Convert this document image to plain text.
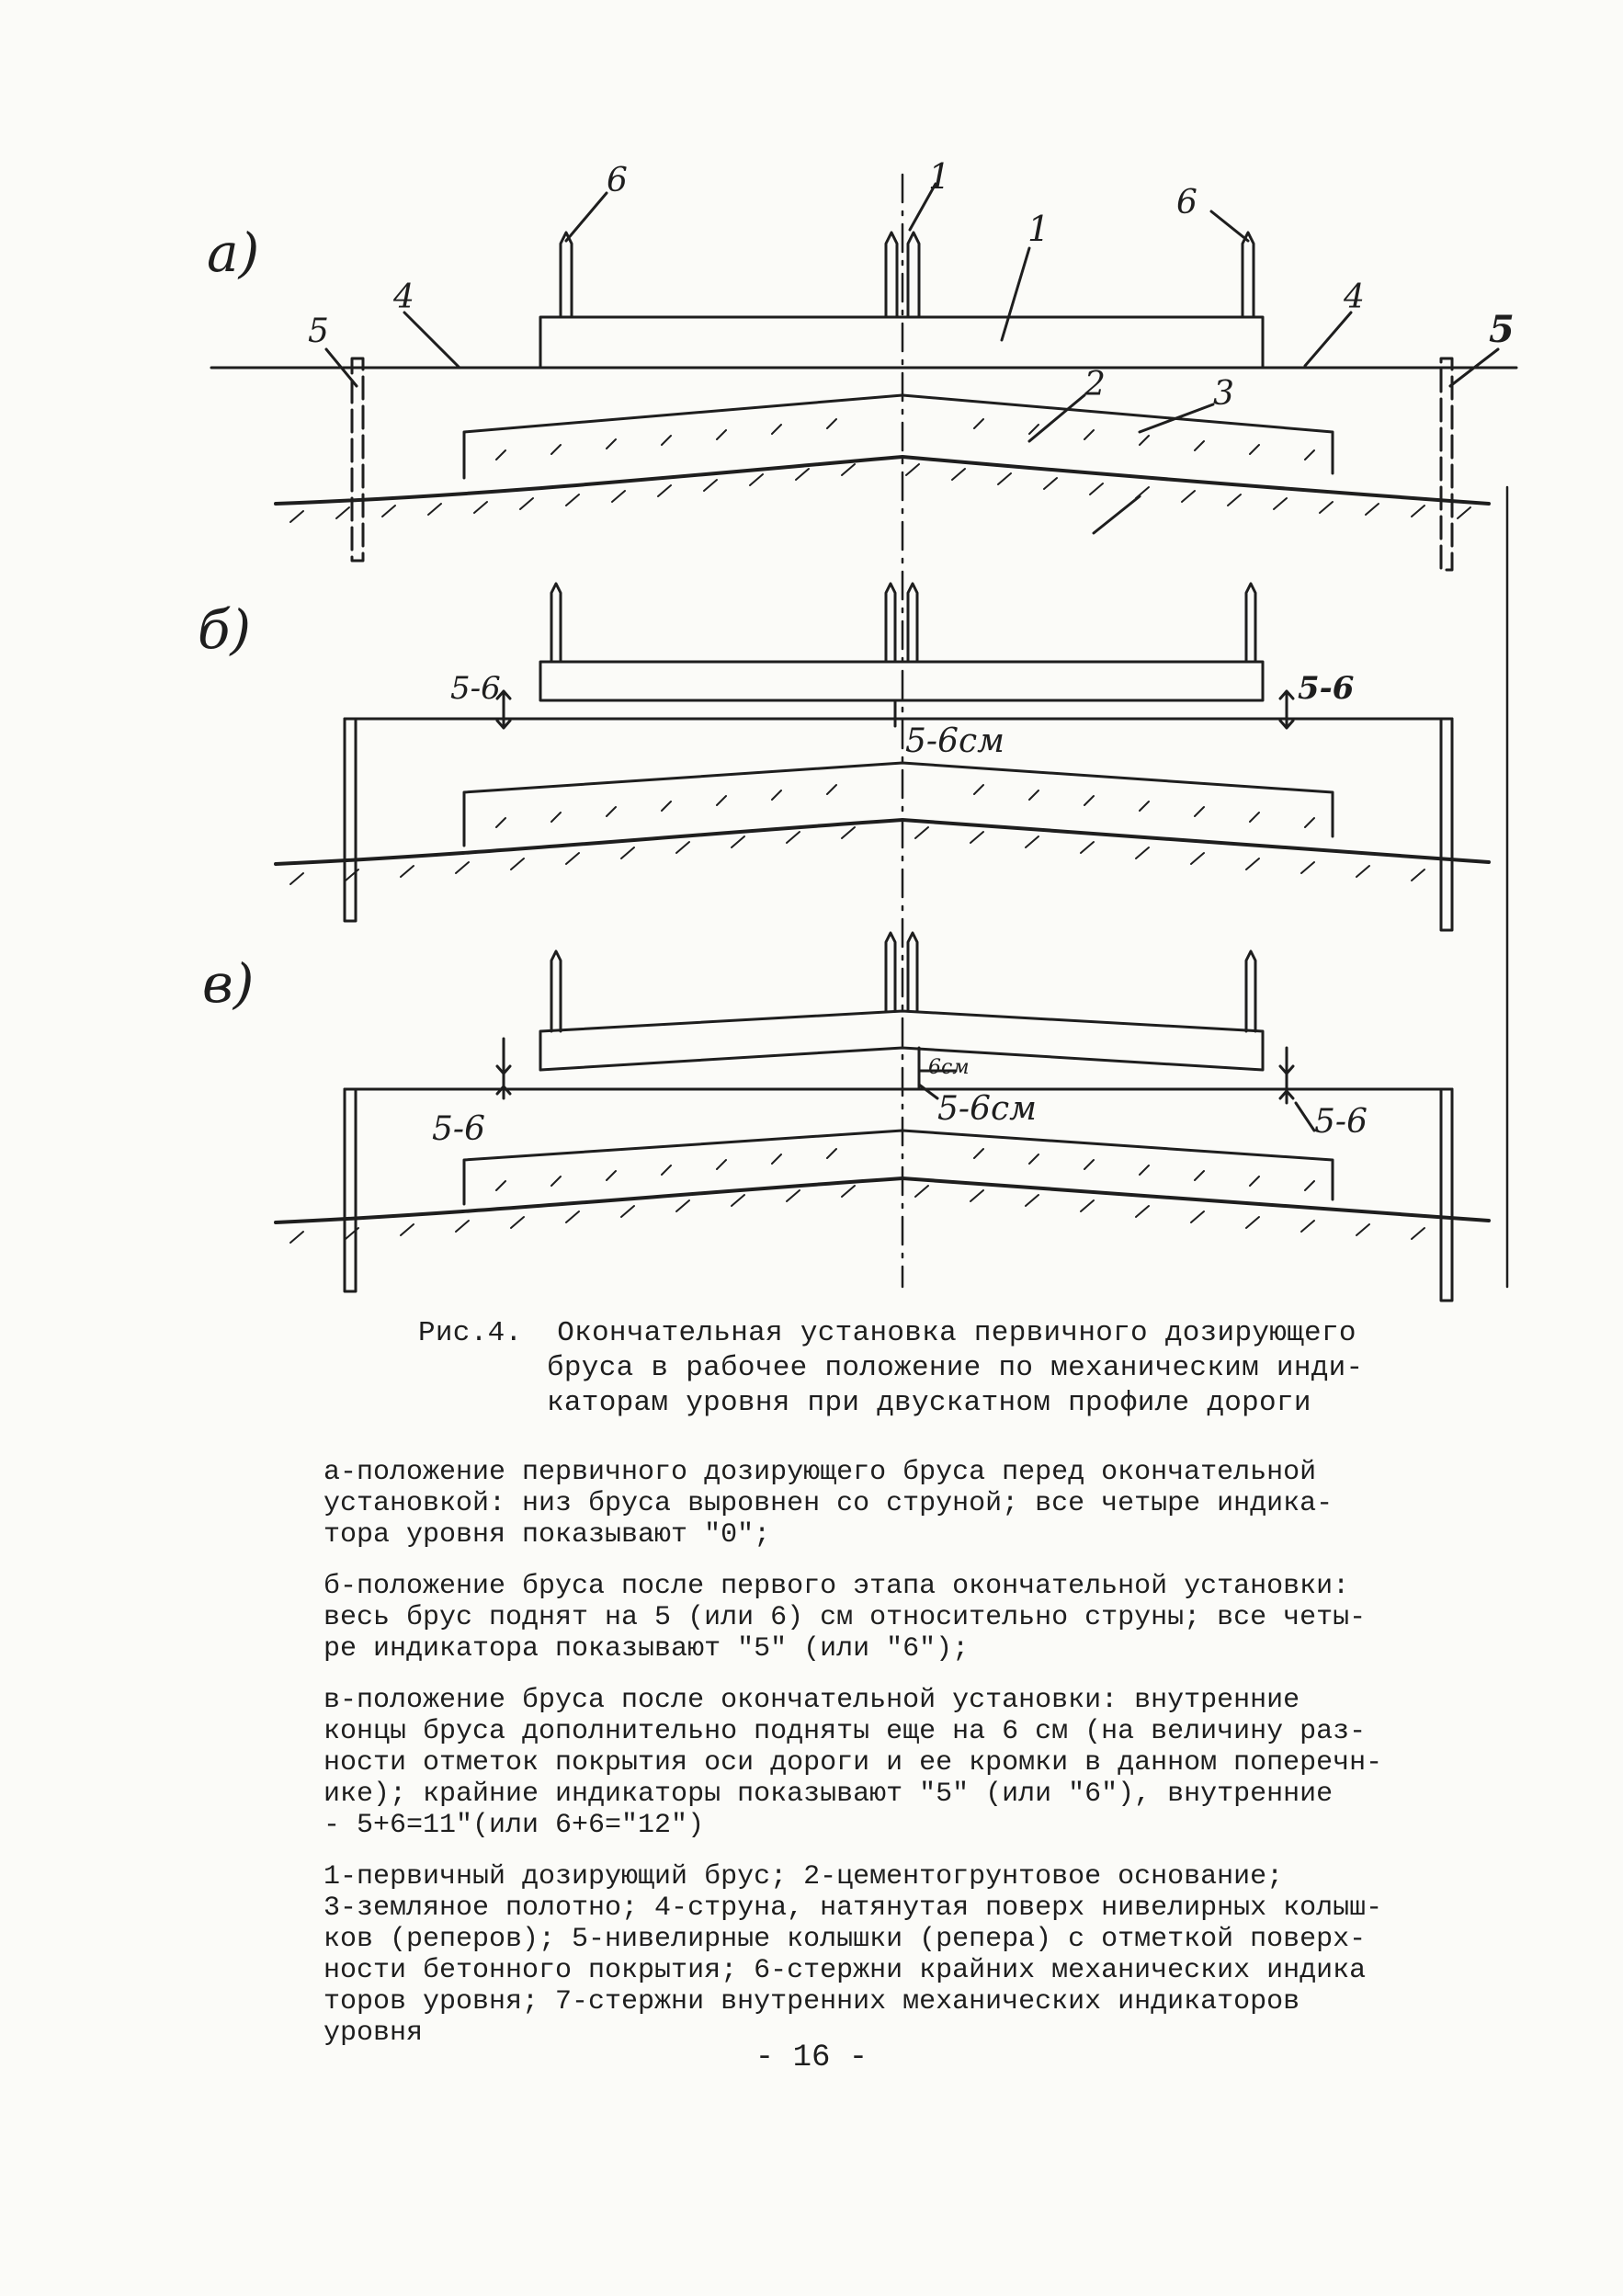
а)
б)
в)
1
1
2	3
4	4
5	5
6
6
5-6	5-6
5-6см
6см
5-6см
5-6	5-6
Рис.4.  Окончательная установка первичного дозирующего
бруса в рабочее положение по механическим инди-
каторам уровня при двускатном профиле дороги

а-положение первичного дозирующего бруса перед окончательной
установкой: низ бруса выровнен со струной; все четыре индика-
тора уровня показывают "0";

б-положение бруса после первого этапа окончательной установки:
весь брус поднят на 5 (или 6) см относительно струны; все четы-
ре индикатора показывают "5" (или "6");

в-положение бруса после окончательной установки: внутренние
концы бруса дополнительно подняты еще на 6 см (на величину раз-
ности отметок покрытия оси дороги и ее кромки в данном поперечн-
ике); крайние индикаторы показывают "5" (или "6"), внутренние
- 5+6=11"(или 6+6="12")

1-первичный дозирующий брус; 2-цементогрунтовое основание;
3-земляное полотно; 4-струна, натянутая поверх нивелирных колыш-
ков (реперов); 5-нивелирные колышки (репера) с отметкой поверх-
ности бетонного покрытия; 6-стержни крайних механических индика
торов уровня; 7-стержни внутренних механических индикаторов
уровня

- 16 -
